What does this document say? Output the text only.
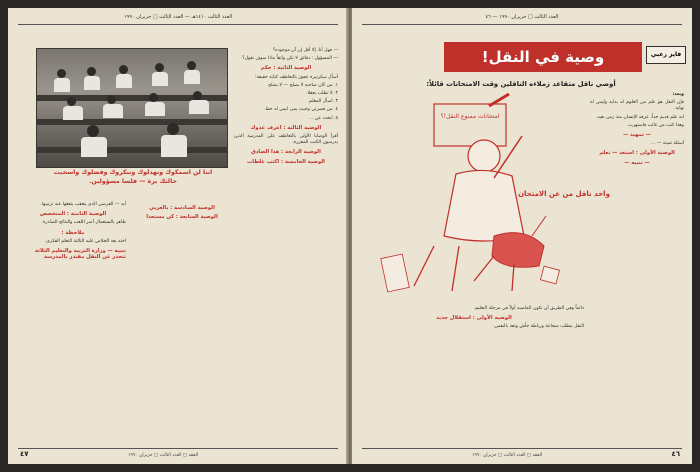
العدد الثالث ١٤١٠هـ — العدد الثالث □ حزيران ١٩٩٠
اننا لن اسمكوك ونهدلوك وننكروك وفضلوك واسحبت حالتك برة — فلسا مسؤولين.

— فهل أنا، إلا أقل إن آن موجوده؟

— المسؤول : دقائق لا تكن واثقاً ماذا سوف تقول؟

الوصية الثانية : حكم

أسأل سكرتيرة عجوز بالتعاطف كتابة حقيقة:

١. من كان صاحبه لا يصلح — لا يصلح

٢. لا تطلب يعقلا.

٣. اسأل المعلم.

٤. من قصرتي وحيث يمر، ليس له حظ.

٥. ابحث عن ...

الوصية الثالثة : اعرف عدوك

أقرأ الوصايا الأولى بالتعاطف على المدرسة الذين يدرسون الكتب المقررة.

الوصية الرابعة : هذا الصادق
الوصية الخامسة : اكتب غلطات

أيه — الفرصي الذي يتعقب يتفعها عند ترتيبها.

الوصية الثامنة : المتخصص

ظاهر بالستعمال أصر اللعب والنتائج الصادرة.

ملاحظة :

اخته بعد الخلاص عليه الثالثة التعلم الفكري.

تنبيه — وزارة التربية والتعليم الثلاثة تتحدر عن النقل مقتدر بالمدرسة
الوصية السادسة : بالعربي
الوصية السابعة : كن مستعدا
٤٧	الفقه □ العدد الثالث □ حزيران ١٩٩٠
العدد الثالث □ حزيران ١٩٩٠ — ٤٦
فايز زعبي
وصية في النقل!
أوصي ناقل متقاعد زملاءه الناقلين وقت الامتحانات قائلاً:
امتحانات ممنوع النقل!؟
واحد ناقل من عن الامتحان

وبعد:

فإن النقل هو علم من العلوم له بداية وليس له نهاية.

انه علم قديم جداً، عرفه الإنسان منذ زمن بعيد.

وهذا كتب من غائب فاستهرب.

— تمهيد —

أسئلة ثمينة — ...

الوصية الأولى : استعد — تعلم
— تنبيه —

دائماً وفي الطريق أن تكون الماضية أولاً في مرحلة التعليم.

الوصية الأولى : استقلال جديد

النقل يتطلب شجاعة ورباطة جأش وثقة بالنفس.

الفقه □ العدد الثالث □ حزيران ١٩٩٠	٤٦
